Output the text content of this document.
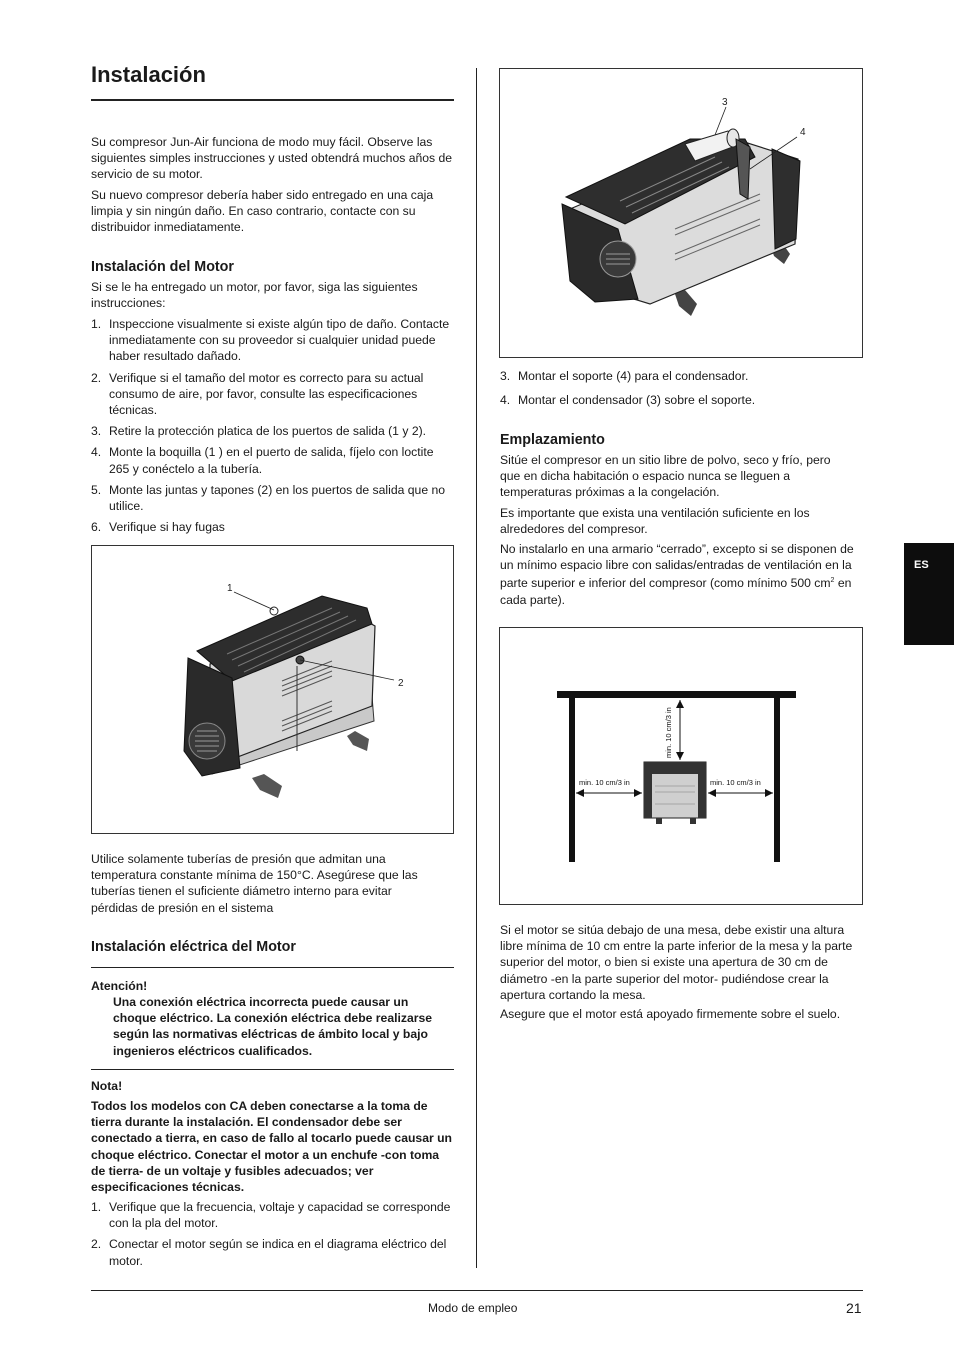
Instalación

Su compresor Jun-Air funciona de modo muy fácil. Observe las siguientes simples instrucciones y usted obtendrá muchos años de servicio de su motor.

Su nuevo compresor debería haber sido entregado en una caja limpia y sin ningún daño. En caso contrario, contacte con su distribuidor inmediatamente.

Instalación del Motor

Si se le ha entregado un motor, por favor, siga las siguientes instrucciones:

1. Inspeccione visualmente si existe algún tipo de daño. Contacte inmediatamente con su proveedor si cualquier unidad puede haber resultado dañado.
2. Verifique si el tamaño del motor es correcto para su actual consumo de aire, por favor, consulte las especificaciones técnicas.
3. Retire la protección platica de los puertos de salida (1 y 2).
4. Monte la boquilla (1 ) en el puerto de salida, fíjelo con loctite 265 y conéctelo a la tubería.
5. Monte las juntas y tapones (2) en los puertos de salida que no utilice.
6. Verifique si hay fugas
1
2

Utilice solamente tuberías de presión que admitan una temperatura constante mínima de 150°C. Asegúrese que las tuberías tienen el suficiente diámetro interno para evitar pérdidas de presión en el sistema

Instalación eléctrica del Motor

Atención!

Una conexión eléctrica incorrecta puede causar un choque eléctrico. La conexión eléctrica debe realizarse según las normativas eléctricas de ámbito local y bajo ingenieros eléctricos cualificados.

Nota!

Todos los modelos con CA deben conectarse a la toma de tierra durante la instalación. El condensador debe ser conectado a tierra, en caso de fallo al tocarlo puede causar un choque eléctrico. Conectar el motor a un enchufe -con toma de tierra- de un voltaje y fusibles adecuados; ver especificaciones técnicas.

1. Verifique que la frecuencia, voltaje y capacidad se corresponde con la pla del motor.
2. Conectar el motor según se indica en el diagrama eléctrico del motor.
3
4
3. Montar el soporte (4) para el condensador.
4. Montar el condensador (3) sobre el soporte.
Emplazamiento

Sitúe el compresor en un sitio libre de polvo, seco y frío, pero que en dicha habitación o espacio nunca se lleguen a temperaturas próximas a la congelación.

Es importante que exista una ventilación suficiente en los alrededores del compresor.

No instalarlo en una armario “cerrado”, excepto si se disponen de un mínimo espacio libre con salidas/entradas de ventilación en la parte superior e inferior del compresor (como mínimo 500 $cm^2$ en cada parte).

min. 10 cm/3 in
min. 10 cm/3 in	min. 10 cm/3 in

Si el motor se sitúa debajo de una mesa, debe existir una altura libre mínima de 10 cm entre la parte inferior de la mesa y la parte superior del motor, o bien si existe una apertura de 30 cm de diámetro -en la parte superior del motor- pudiéndose crear la apertura cortando la mesa.

Asegure que el motor está apoyado firmemente sobre el suelo.

ES

Modo de empleo	21
